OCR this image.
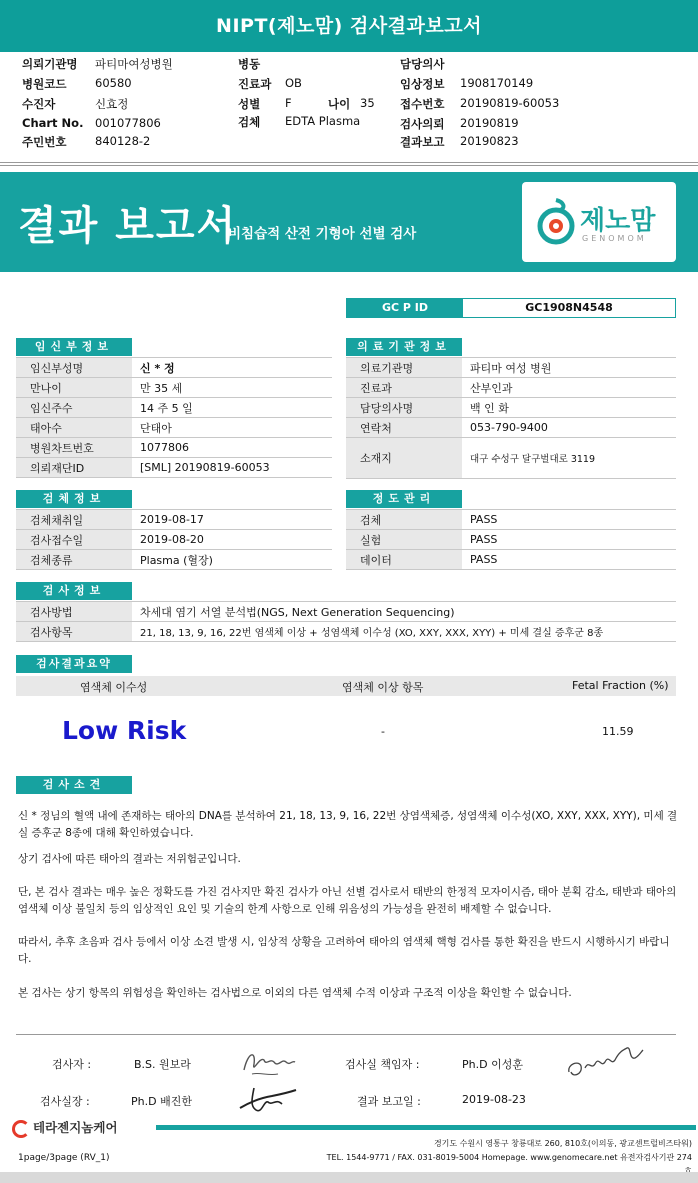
NIPT(제노맘) 검사결과보고서
의뢰기관명 파티마여성병원
병원코드 60580
수진자	신효정
Chart No. 001077806
주민번호 840128-2
병동
진료과 OB
성별 F	나이 35
검체 EDTA Plasma
담당의사
임상정보 1908170149
접수번호 20190819-60053
검사의뢰 20190819
결과보고 20190823
결과 보고서
비침습적 산전 기형아 선별 검사	제노맘
GENOMOM
GC P ID	GC1908N4548
임신부정보
임신부성명	신 * 정
만나이	만 35 세
임신주수	14 주 5 일
태아수	단태아
병원차트번호	1077806
의뢰재단ID	[SML] 20190819-60053
의료기관정보
의료기관명	파티마 여성 병원
진료과	산부인과
담당의사명	백 인 화
연락처	053-790-9400
소재지	대구 수성구 달구벌대로 3119
검체정보
검체채취일	2019-08-17
검사접수일	2019-08-20
검체종류	Plasma (혈장)
정도관리
검체	PASS
실험	PASS
데이터	PASS
검사정보
검사방법	차세대 염기 서열 분석법(NGS, Next Generation Sequencing)
검사항목	21, 18, 13, 9, 16, 22번 염색체 이상 + 성염색체 이수성 (XO, XXY, XXX, XYY) + 미세 결실 증후군 8종
검사결과요약
염색체 이수성	염색체 이상 항목	Fetal Fraction (%)
Low Risk	-	11.59
검사소견
신 * 정님의 혈액 내에 존재하는 태아의 DNA를 분석하여 21, 18, 13, 9, 16, 22번 상염색체증, 성염색체 이수성(XO, XXY, XXX, XYY), 미세 결실 증후군 8종에 대해 확인하였습니다.
상기 검사에 따른 태아의 결과는 저위험군입니다.
단, 본 검사 결과는 매우 높은 정확도를 가진 검사지만 확진 검사가 아닌 선별 검사로서 태반의 한정적 모자이시즘, 태아 분획 감소, 태반과 태아의 염색체 이상 불일치 등의 임상적인 요인 및 기술의 한계 사항으로 인해 위음성의 가능성을 완전히 배제할 수 없습니다.
따라서, 추후 초음파 검사 등에서 이상 소견 발생 시, 임상적 상황을 고려하여 태아의 염색체 핵형 검사를 통한 확진을 반드시 시행하시기 바랍니다.
본 검사는 상기 항목의 위험성을 확인하는 검사법으로 이외의 다른 염색체 수적 이상과 구조적 이상을 확인할 수 없습니다.
검사자 :	B.S. 원보라	검사실 책임자 :	Ph.D 이성훈
검사실장 :	Ph.D 배진한	결과 보고일 :	2019-08-23
테라젠지놈케어
경기도 수원시 영통구 창룡대로 260, 810호(이의동, 광교센트럴비즈타워)
TEL. 1544-9771 / FAX. 031-8019-5004 Homepage. www.genomecare.net 유전자검사기관 274
1page/3page (RV_1)
